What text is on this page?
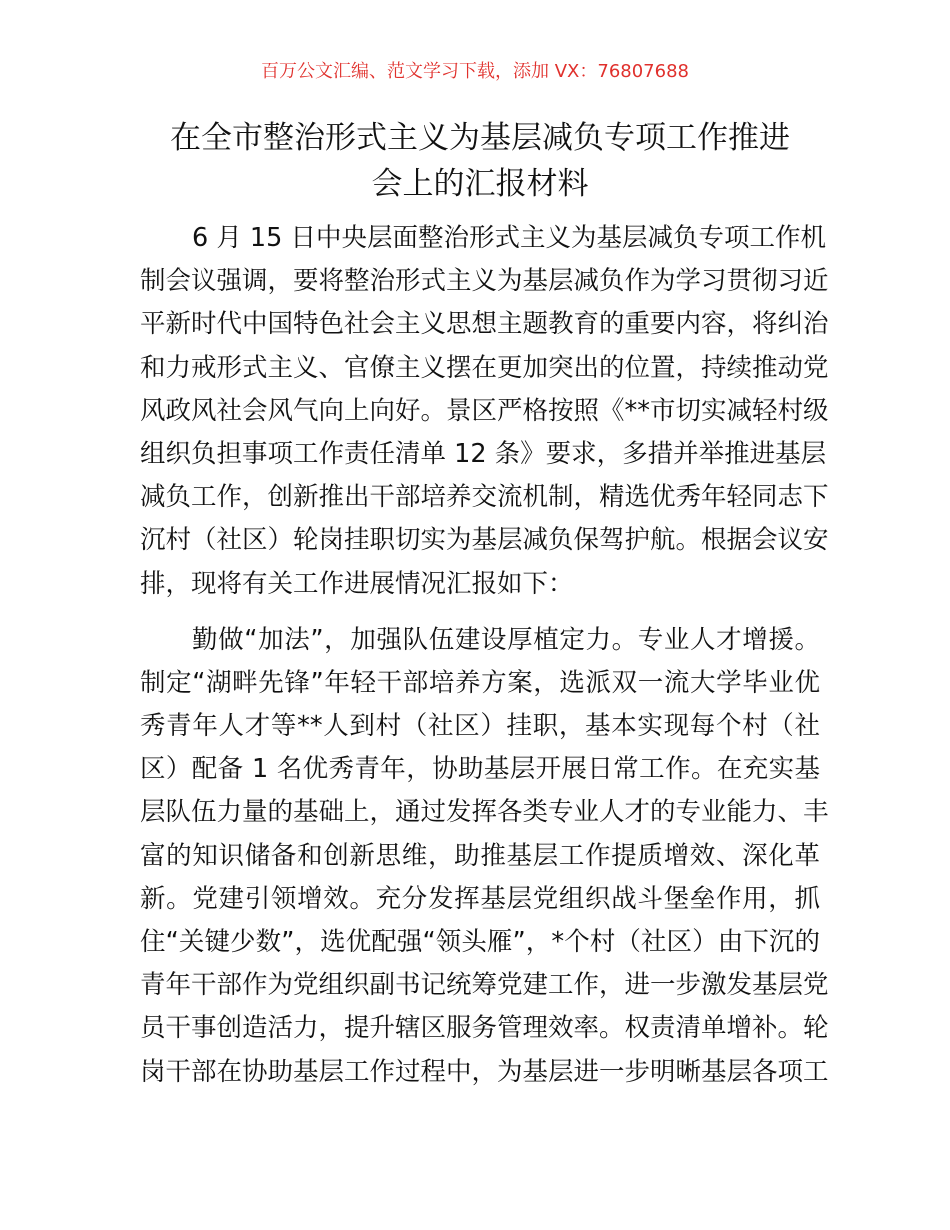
百万公文汇编、范文学习下载，添加 VX：76807688
在全市整治形式主义为基层减负专项工作推进
会上的汇报材料
6 月 15 日中央层面整治形式主义为基层减负专项工作机
制会议强调，要将整治形式主义为基层减负作为学习贯彻习近
平新时代中国特色社会主义思想主题教育的重要内容，将纠治
和力戒形式主义、官僚主义摆在更加突出的位置，持续推动党
风政风社会风气向上向好。景区严格按照《**市切实减轻村级
组织负担事项工作责任清单 12 条》要求，多措并举推进基层
减负工作，创新推出干部培养交流机制，精选优秀年轻同志下
沉村（社区）轮岗挂职切实为基层减负保驾护航。根据会议安
排，现将有关工作进展情况汇报如下：
勤做“加法”，加强队伍建设厚植定力。专业人才增援。
制定“湖畔先锋”年轻干部培养方案，选派双一流大学毕业优
秀青年人才等**人到村（社区）挂职，基本实现每个村（社
区）配备 1 名优秀青年，协助基层开展日常工作。在充实基
层队伍力量的基础上，通过发挥各类专业人才的专业能力、丰
富的知识储备和创新思维，助推基层工作提质增效、深化革
新。党建引领增效。充分发挥基层党组织战斗堡垒作用，抓
住“关键少数”，选优配强“领头雁”，*个村（社区）由下沉的
青年干部作为党组织副书记统筹党建工作，进一步激发基层党
员干事创造活力，提升辖区服务管理效率。权责清单增补。轮
岗干部在协助基层工作过程中，为基层进一步明晰基层各项工
